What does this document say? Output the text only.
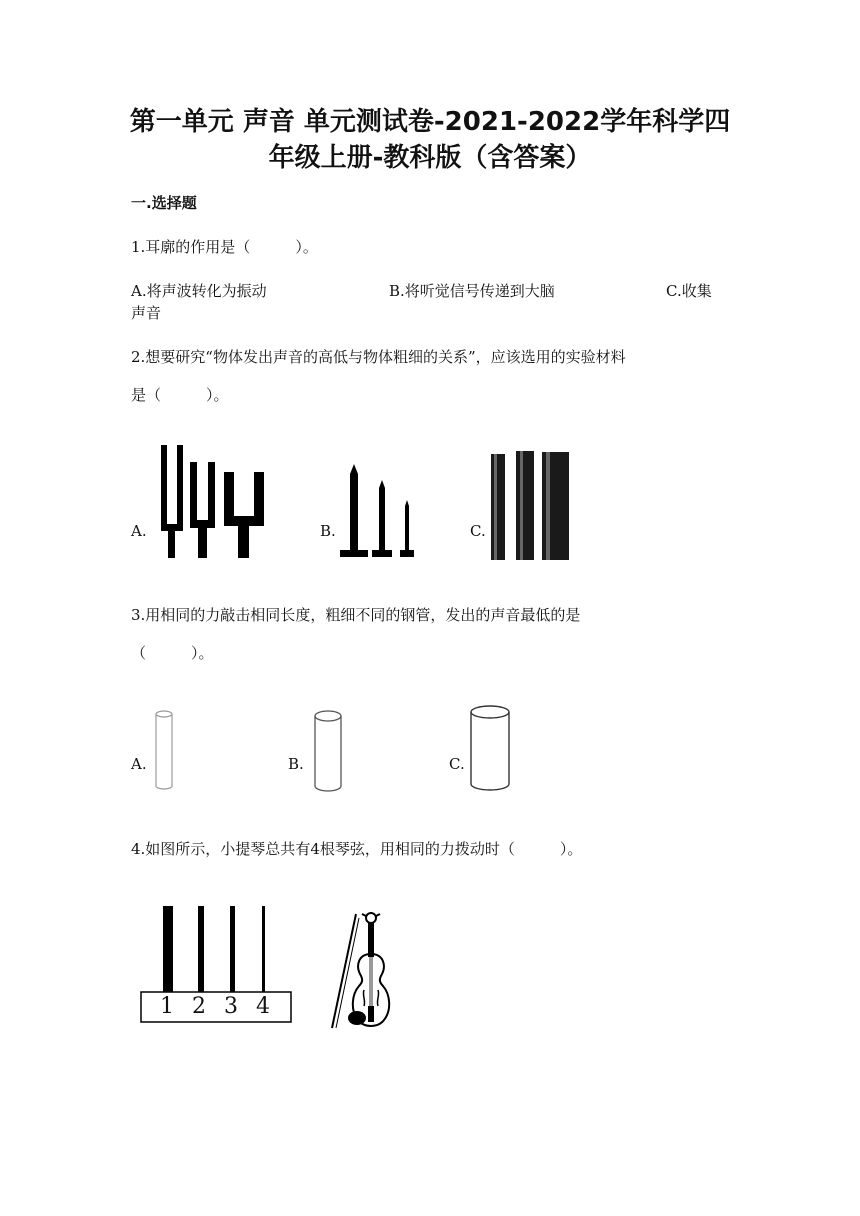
第一单元 声音 单元测试卷-2021-2022学年科学四
年级上册-教科版（含答案）
一.选择题
1.耳廓的作用是（　　　）。
A.将声波转化为振动	B.将听觉信号传递到大脑	C.收集
声音
2.想要研究“物体发出声音的高低与物体粗细的关系”，应该选用的实验材料
是（　　　）。
A.	B.	C.
3.用相同的力敲击相同长度，粗细不同的钢管，发出的声音最低的是
（　　　）。
A.	B.	C.
4.如图所示，小提琴总共有4根琴弦，用相同的力拨动时（　　　）。
1 2 3 4
